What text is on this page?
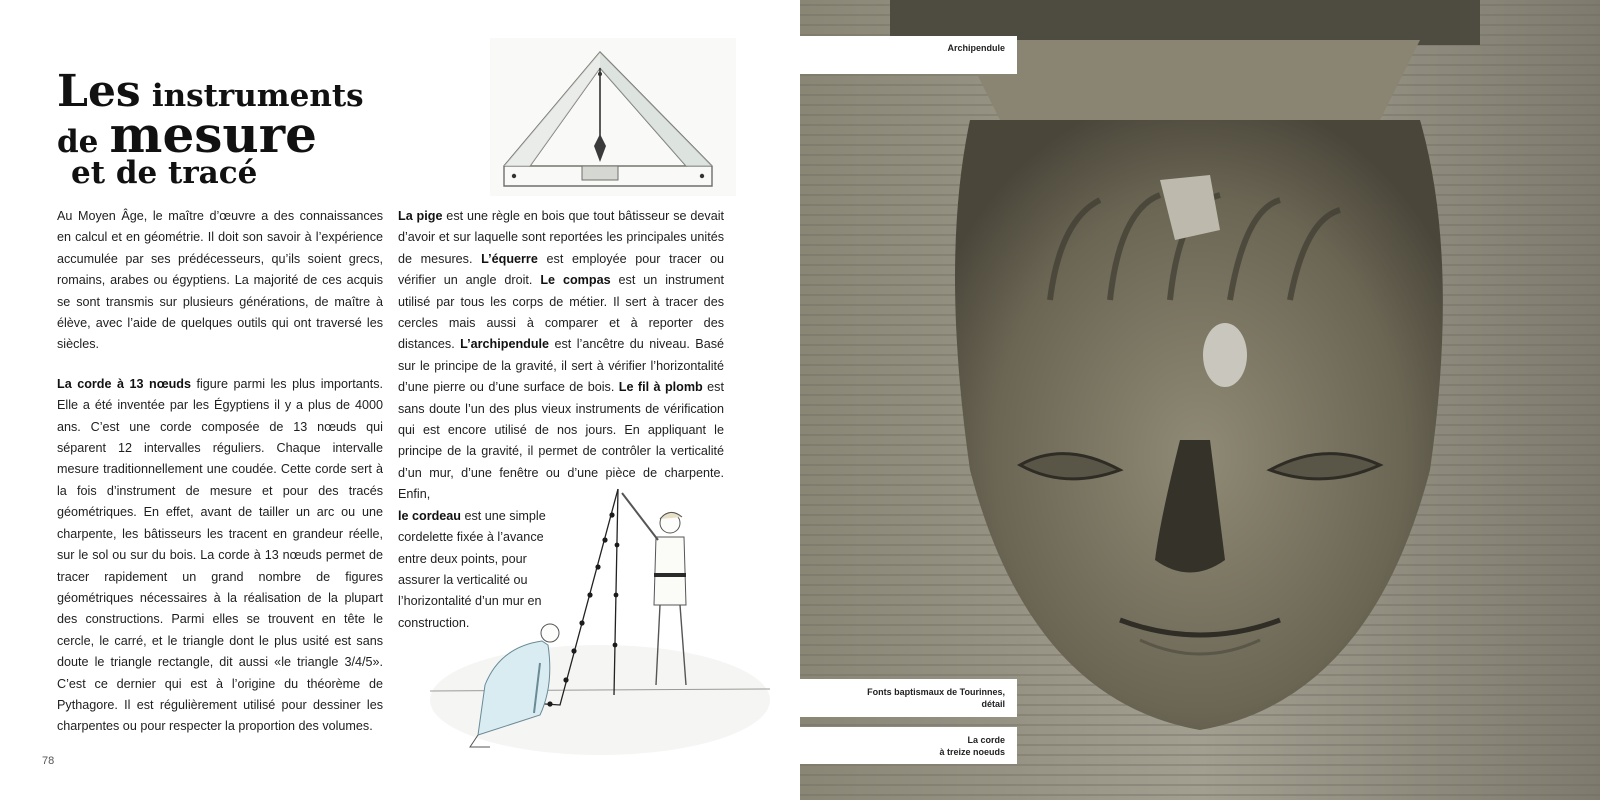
Les instruments
de mesure
et de tracé

Au Moyen Âge, le maître d’œuvre a des connaissances en calcul et en géométrie. Il doit son savoir à l’expérience accumulée par ses prédécesseurs, qu’ils soient grecs, romains, arabes ou égyptiens. La majorité de ces acquis se sont transmis sur plusieurs générations, de maître à élève, avec l’aide de quelques outils qui ont traversé les siècles.

La corde à 13 nœuds figure parmi les plus importants. Elle a été inventée par les Égyptiens il y a plus de 4000 ans. C’est une corde composée de 13 nœuds qui séparent 12 intervalles réguliers. Chaque intervalle mesure traditionnellement une coudée. Cette corde sert à la fois d’instrument de mesure et pour des tracés géométriques. En effet, avant de tailler un arc ou une charpente, les bâtisseurs les tracent en grandeur réelle, sur le sol ou sur du bois. La corde à 13 nœuds permet de tracer rapidement un grand nombre de figures géométriques nécessaires à la réalisation de la plupart des constructions. Parmi elles se trouvent en tête le cercle, le carré, et le triangle dont le plus usité est sans doute le triangle rectangle, dit aussi «le triangle 3/4/5». C’est ce dernier qui est à l’origine du théorème de Pythagore. Il est régulièrement utilisé pour dessiner les charpentes ou pour respecter la proportion des volumes.

La pige est une règle en bois que tout bâtisseur se devait d’avoir et sur laquelle sont reportées les principales unités de mesures. L’équerre est employée pour tracer ou vérifier un angle droit. Le compas est un instrument utilisé par tous les corps de métier. Il sert à tracer des cercles mais aussi à comparer et à reporter des distances. L’archipendule est l’ancêtre du niveau. Basé sur le principe de la gravité, il sert à vérifier l’horizontalité d’une pierre ou d’une surface de bois. Le fil à plomb est sans doute l’un des plus vieux instruments de vérification qui est encore utilisé de nos jours. En appliquant le principe de la gravité, il permet de contrôler la verticalité d’un mur, d’une fenêtre ou d’une pièce de charpente. Enfin,

le cordeau est une simple cordelette fixée à l’avance entre deux points, pour assurer la verticalité ou l’horizontalité d’un mur en construction.

78
Archipendule
Fonts baptismaux de Tourinnes,
détail
La corde
à treize noeuds
